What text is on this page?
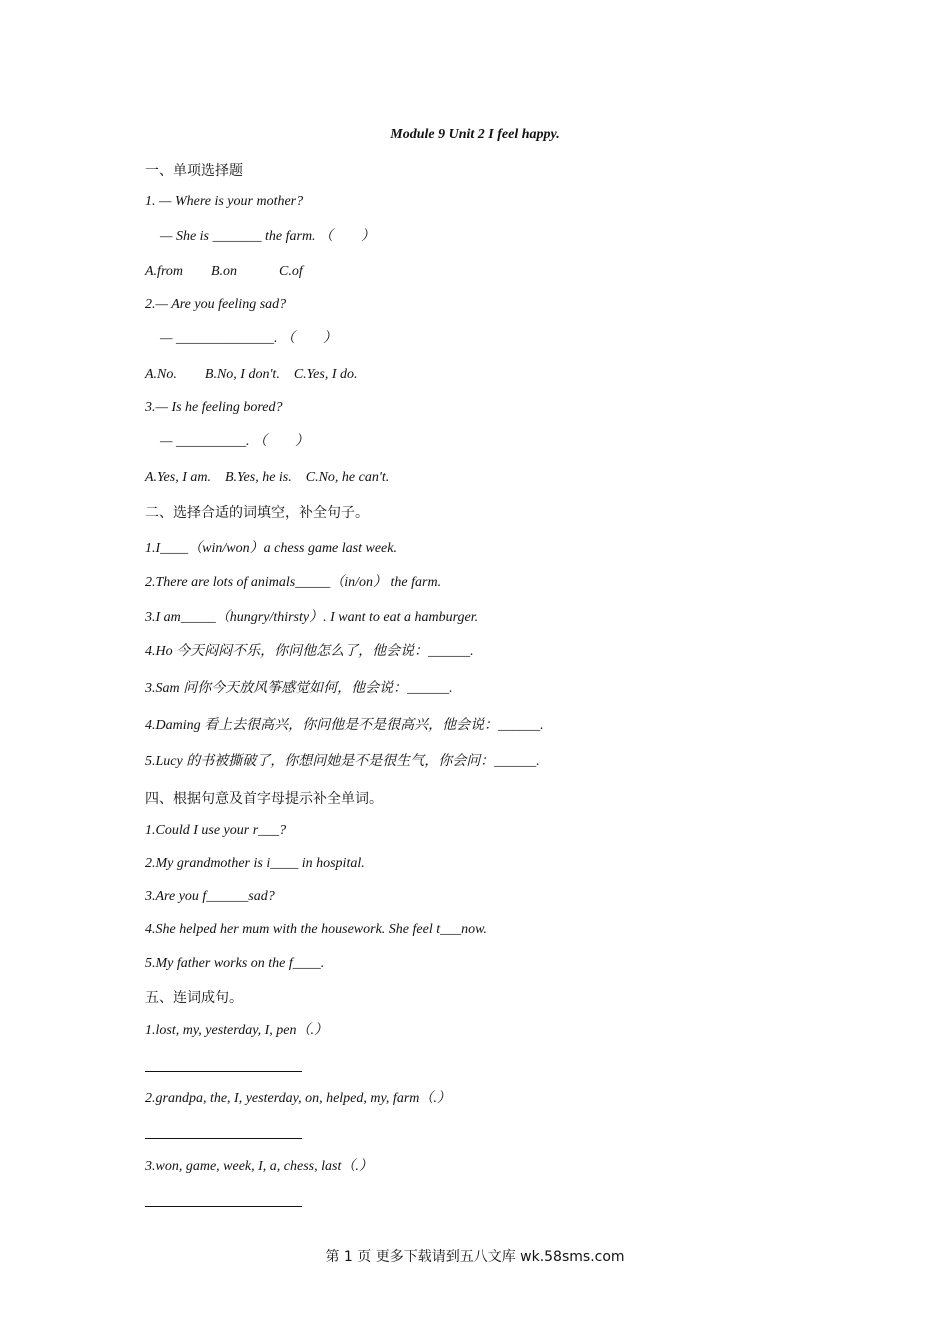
Module 9 Unit 2 I feel happy.
一、单项选择题
1. — Where is your mother?
— She is _______ the farm. （　　）
A.from　　B.on　　　C.of
2.— Are you feeling sad?
— ______________. （　　）
A.No.　　B.No, I don't.　C.Yes, I do.
3.— Is he feeling bored?
— __________. （　　）
A.Yes, I am.　B.Yes, he is.　C.No, he can't.
二、选择合适的词填空，补全句子。
1.I____（win/won）a chess game last week.
2.There are lots of animals_____（in/on） the farm.
3.I am_____（hungry/thirsty）. I want to eat a hamburger.
4.Ho 今天闷闷不乐，你问他怎么了，他会说：______.
3.Sam 问你今天放风筝感觉如何，他会说：______.
4.Daming 看上去很高兴，你问他是不是很高兴，他会说：______.
5.Lucy 的书被撕破了，你想问她是不是很生气，你会问：______.
四、根据句意及首字母提示补全单词。
1.Could I use your r___?
2.My grandmother is i____ in hospital.
3.Are you f______sad?
4.She helped her mum with the housework. She feel t___now.
5.My father works on the f____.
五、连词成句。
1.lost, my, yesterday, I, pen（.）
2.grandpa, the, I, yesterday, on, helped, my, farm（.）
3.won, game, week, I, a, chess, last（.）
第 1 页 更多下载请到五八文库 wk.58sms.com
